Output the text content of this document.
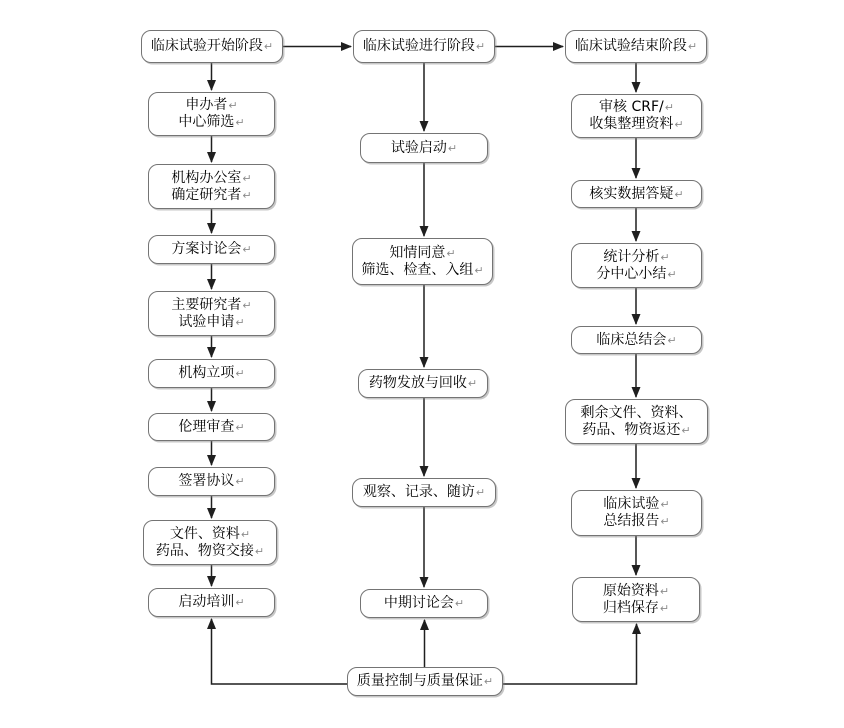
临床试验开始阶段 ↵
申办者 ↵
中心筛选 ↵
机构办公室 ↵
确定研究者 ↵
方案讨论会 ↵
主要研究者 ↵
试验申请 ↵
机构立项 ↵
伦理审查 ↵
签署协议 ↵
文件、资料 ↵
药品、物资交接 ↵
启动培训 ↵
临床试验进行阶段 ↵
试验启动 ↵
知情同意 ↵
筛选、检查、入组 ↵
药物发放与回收 ↵
观察、记录、随访 ↵
中期讨论会 ↵
临床试验结束阶段 ↵
审核 CRF/ ↵
收集整理资料 ↵
核实数据答疑 ↵
统计分析 ↵
分中心小结 ↵
临床总结会 ↵
剩余文件、资料、
药品、物资返还 ↵
临床试验 ↵
总结报告 ↵
原始资料 ↵
归档保存 ↵
质量控制与质量保证 ↵
